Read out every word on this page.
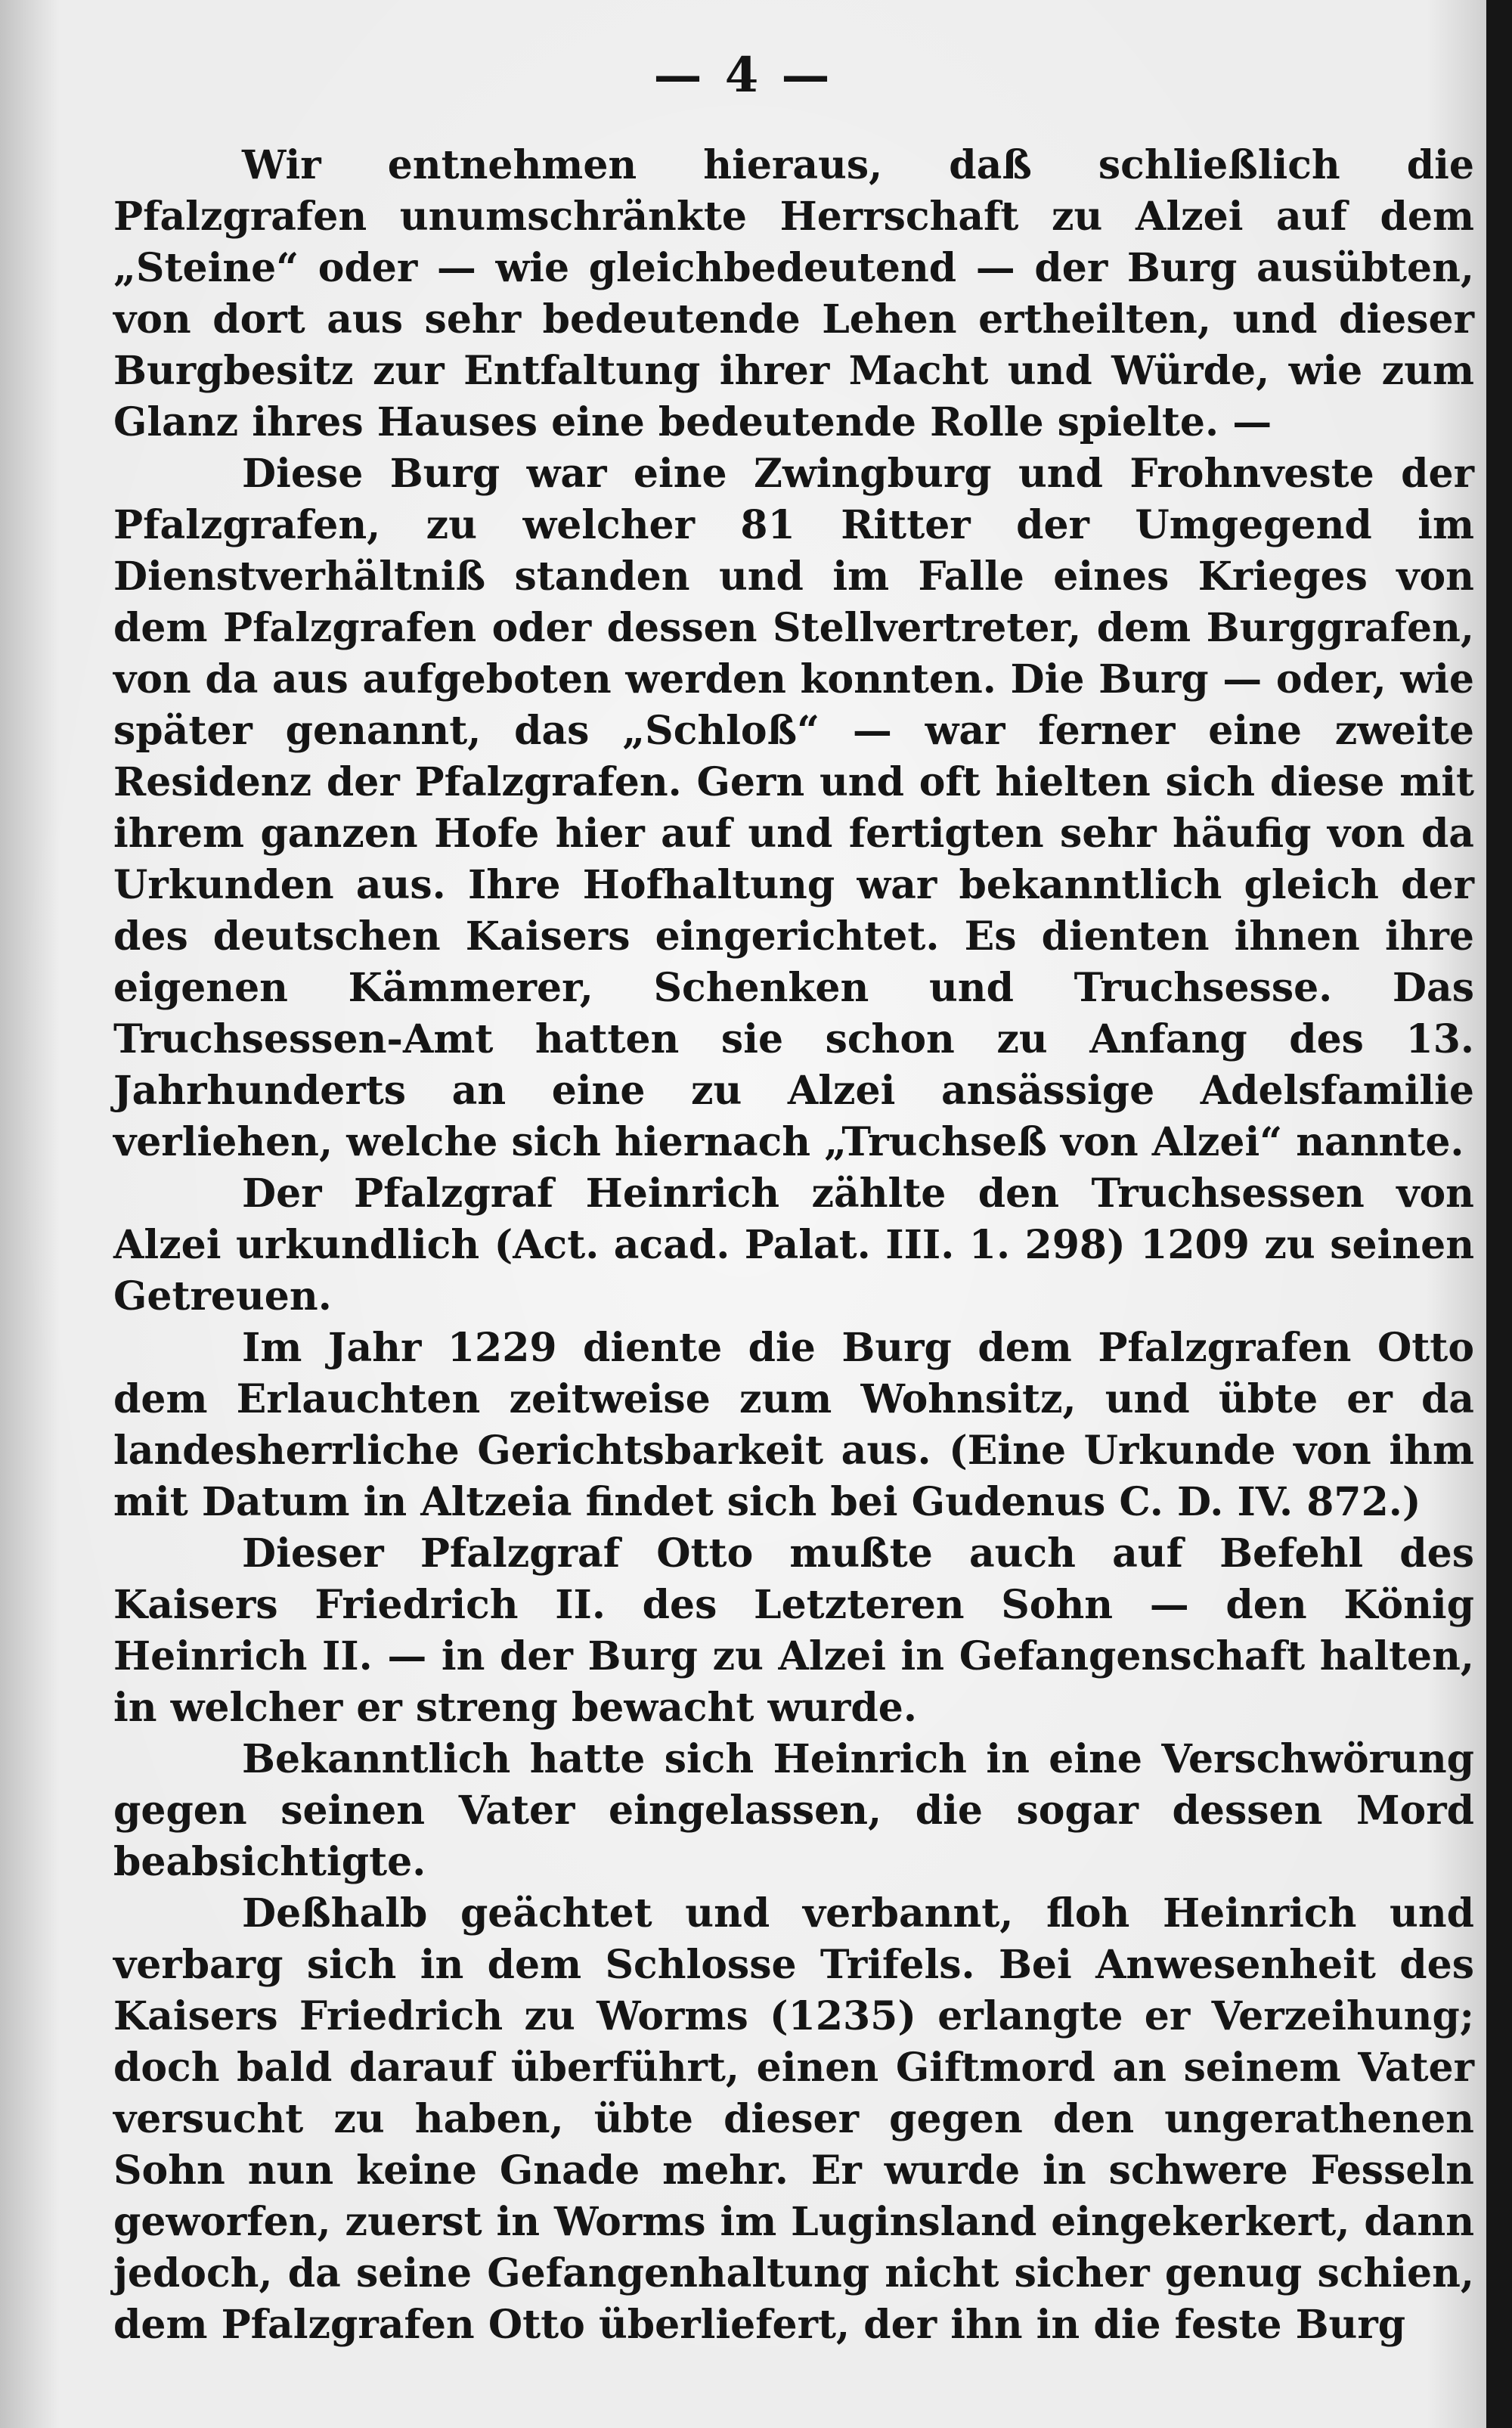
— 4 —

Wir entnehmen hieraus, daß schließlich die Pfalzgrafen unumschränkte Herrschaft zu Alzei auf dem „Steine“ oder — wie gleichbedeutend — der Burg ausübten, von dort aus sehr bedeutende Lehen ertheilten, und dieser Burgbesitz zur Entfaltung ihrer Macht und Würde, wie zum Glanz ihres Hauses eine bedeutende Rolle spielte. —

Diese Burg war eine Zwingburg und Frohnveste der Pfalzgrafen, zu welcher 81 Ritter der Umgegend im Dienstverhältniß standen und im Falle eines Krieges von dem Pfalzgrafen oder dessen Stellvertreter, dem Burggrafen, von da aus aufgeboten werden konnten. Die Burg — oder, wie später genannt, das „Schloß“ — war ferner eine zweite Residenz der Pfalzgrafen. Gern und oft hielten sich diese mit ihrem ganzen Hofe hier auf und fertigten sehr häufig von da Urkunden aus. Ihre Hofhaltung war bekanntlich gleich der des deutschen Kaisers eingerichtet. Es dienten ihnen ihre eigenen Kämmerer, Schenken und Truchsesse. Das Truchsessen-Amt hatten sie schon zu Anfang des 13. Jahrhunderts an eine zu Alzei ansässige Adelsfamilie verliehen, welche sich hiernach „Truchseß von Alzei“ nannte.

Der Pfalzgraf Heinrich zählte den Truchsessen von Alzei urkundlich (Act. acad. Palat. III. 1. 298) 1209 zu seinen Getreuen.

Im Jahr 1229 diente die Burg dem Pfalzgrafen Otto dem Erlauchten zeitweise zum Wohnsitz, und übte er da landesherrliche Gerichtsbarkeit aus. (Eine Urkunde von ihm mit Datum in Altzeia findet sich bei Gudenus C. D. IV. 872.)

Dieser Pfalzgraf Otto mußte auch auf Befehl des Kaisers Friedrich II. des Letzteren Sohn — den König Heinrich II. — in der Burg zu Alzei in Gefangenschaft halten, in welcher er streng bewacht wurde.

Bekanntlich hatte sich Heinrich in eine Verschwörung gegen seinen Vater eingelassen, die sogar dessen Mord beabsichtigte.

Deßhalb geächtet und verbannt, floh Heinrich und verbarg sich in dem Schlosse Trifels. Bei Anwesenheit des Kaisers Friedrich zu Worms (1235) erlangte er Verzeihung; doch bald darauf überführt, einen Giftmord an seinem Vater versucht zu haben, übte dieser gegen den ungerathenen Sohn nun keine Gnade mehr. Er wurde in schwere Fesseln geworfen, zuerst in Worms im Luginsland eingekerkert, dann jedoch, da seine Gefangenhaltung nicht sicher genug schien, dem Pfalzgrafen Otto überliefert, der ihn in die feste Burg
